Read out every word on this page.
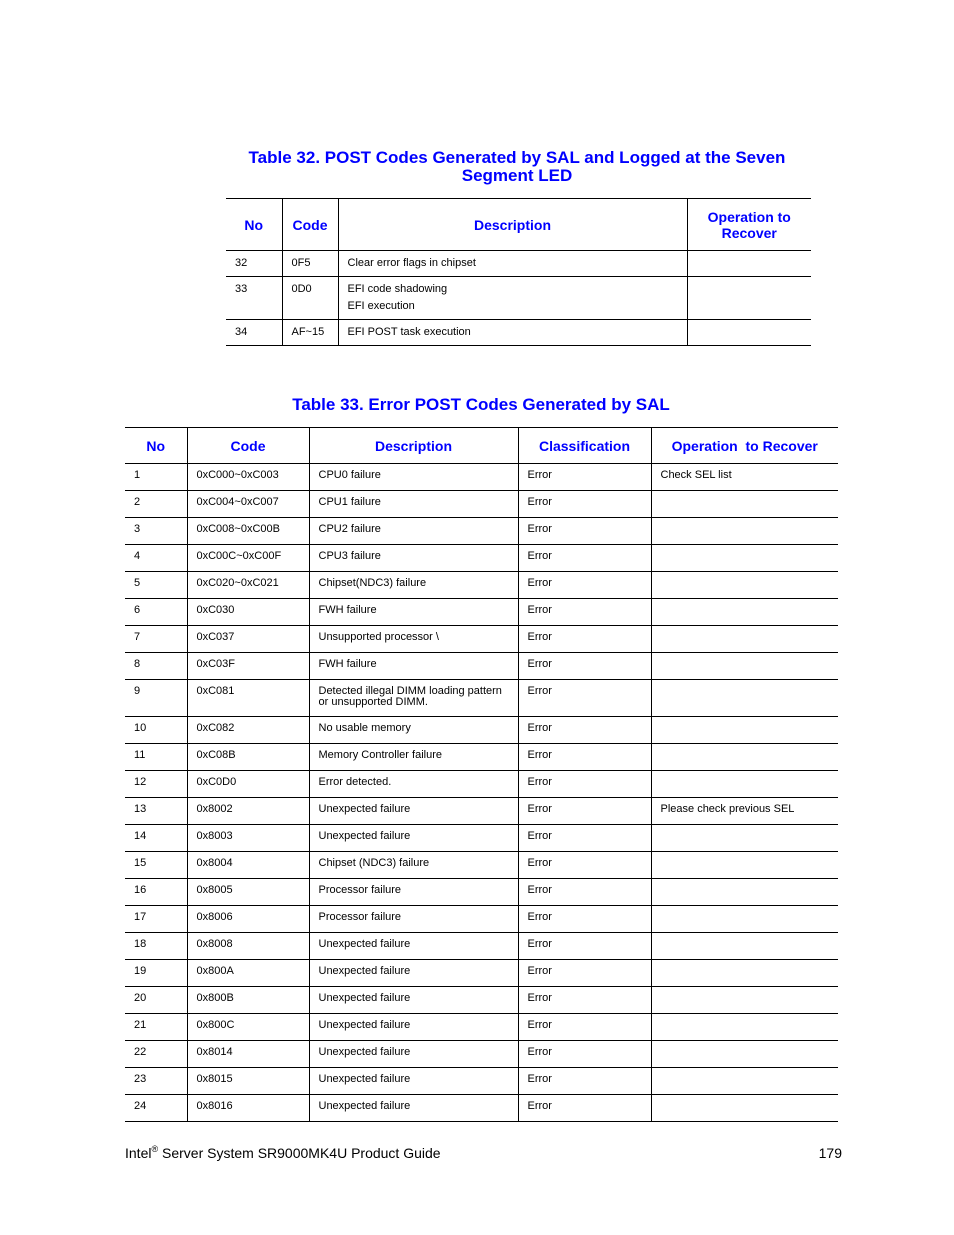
Table 32. POST Codes Generated by SAL and Logged at the Seven
Segment LED
No	Code	Description	Operation to
Recover
32	0F5	Clear error flags in chipset	

33	0D0	EFI code shadowing
EFI execution	

34	AF~15	EFI POST task execution	

Table 33. Error POST Codes Generated by SAL
No	Code	Description	Classification	Operation  to Recover
1	0xC000~0xC003	CPU0 failure	Error	Check SEL list
2	0xC004~0xC007	CPU1 failure	Error	
3	0xC008~0xC00B	CPU2 failure	Error	
4	0xC00C~0xC00F	CPU3 failure	Error	
5	0xC020~0xC021	Chipset(NDC3) failure	Error	
6	0xC030	FWH failure	Error	
7	0xC037	Unsupported processor \	Error	
8	0xC03F	FWH failure	Error	
9	0xC081	Detected illegal DIMM loading pattern or unsupported DIMM.	Error	
10	0xC082	No usable memory	Error	
11	0xC08B	Memory Controller failure	Error	
12	0xC0D0	Error detected.	Error	
13	0x8002	Unexpected failure	Error	Please check previous SEL
14	0x8003	Unexpected failure	Error	
15	0x8004	Chipset (NDC3) failure	Error	
16	0x8005	Processor failure	Error	
17	0x8006	Processor failure	Error	
18	0x8008	Unexpected failure	Error	
19	0x800A	Unexpected failure	Error	
20	0x800B	Unexpected failure	Error	
21	0x800C	Unexpected failure	Error	
22	0x8014	Unexpected failure	Error	
23	0x8015	Unexpected failure	Error	
24	0x8016	Unexpected failure	Error	
Intel® Server System SR9000MK4U Product Guide	179
